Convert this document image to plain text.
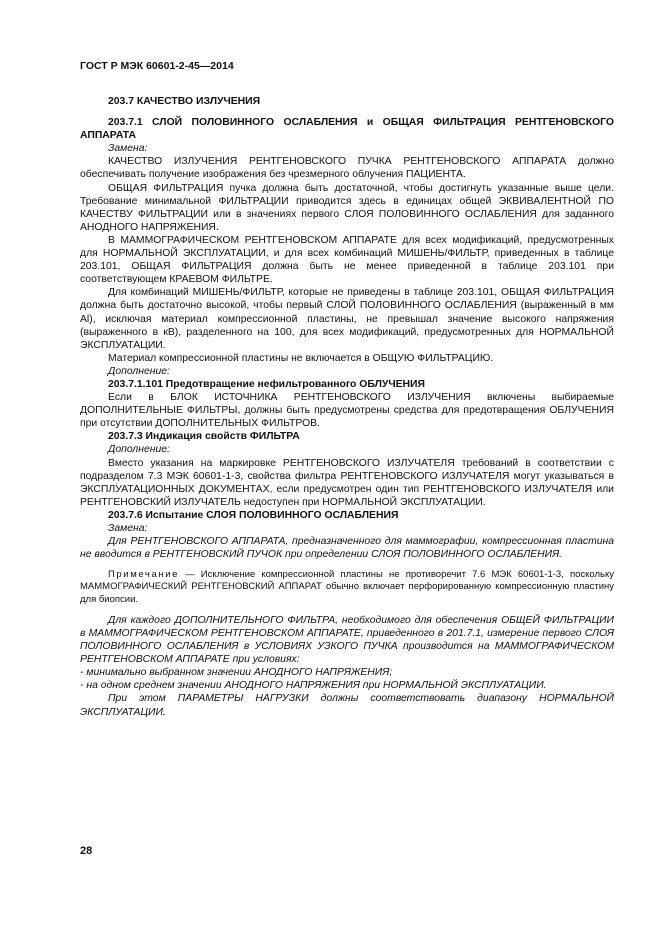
ГОСТ Р МЭК 60601-2-45—2014

203.7 КАЧЕСТВО ИЗЛУЧЕНИЯ

203.7.1 СЛОЙ ПОЛОВИННОГО ОСЛАБЛЕНИЯ и ОБЩАЯ ФИЛЬТРАЦИЯ РЕНТГЕНОВСКОГО АППАРАТА

Замена:

КАЧЕСТВО ИЗЛУЧЕНИЯ РЕНТГЕНОВСКОГО ПУЧКА РЕНТГЕНОВСКОГО АППАРАТА должно обеспечивать получение изображения без чрезмерного облучения ПАЦИЕНТА.

ОБЩАЯ ФИЛЬТРАЦИЯ пучка должна быть достаточной, чтобы достигнуть указанные выше цели. Требование минимальной ФИЛЬТРАЦИИ приводится здесь в единицах общей ЭКВИВАЛЕНТНОЙ ПО КАЧЕСТВУ ФИЛЬТРАЦИИ или в значениях первого СЛОЯ ПОЛОВИННОГО ОСЛАБЛЕНИЯ для заданного АНОДНОГО НАПРЯЖЕНИЯ.

В МАММОГРАФИЧЕСКОМ РЕНТГЕНОВСКОМ АППАРАТЕ для всех модификаций, предусмотренных для НОРМАЛЬНОЙ ЭКСПЛУАТАЦИИ, и для всех комбинаций МИШЕНЬ/ФИЛЬТР, приведенных в таблице 203.101, ОБЩАЯ ФИЛЬТРАЦИЯ должна быть не менее приведенной в таблице 203.101 при соответствующем КРАЕВОМ ФИЛЬТРЕ.

Для комбинаций МИШЕНЬ/ФИЛЬТР, которые не приведены в таблице 203.101, ОБЩАЯ ФИЛЬТРАЦИЯ должна быть достаточно высокой, чтобы первый СЛОЙ ПОЛОВИННОГО ОСЛАБЛЕНИЯ (выраженный в мм Al), исключая материал компрессионной пластины, не превышал значение высокого напряжения (выраженного в кВ), разделенного на 100, для всех модификаций, предусмотренных для НОРМАЛЬНОЙ ЭКСПЛУАТАЦИИ.

Материал компрессионной пластины не включается в ОБЩУЮ ФИЛЬТРАЦИЮ.

Дополнение:

203.7.1.101 Предотвращение нефильтрованного ОБЛУЧЕНИЯ

Если в БЛОК ИСТОЧНИКА РЕНТГЕНОВСКОГО ИЗЛУЧЕНИЯ включены выбираемые ДОПОЛНИТЕЛЬНЫЕ ФИЛЬТРЫ, должны быть предусмотрены средства для предотвращения ОБЛУЧЕНИЯ при отсутствии ДОПОЛНИТЕЛЬНЫХ ФИЛЬТРОВ.

203.7.3 Индикация свойств ФИЛЬТРА

Дополнение:

Вместо указания на маркировке РЕНТГЕНОВСКОГО ИЗЛУЧАТЕЛЯ требований в соответствии с подразделом 7.3 МЭК 60601-1-3, свойства фильтра РЕНТГЕНОВСКОГО ИЗЛУЧАТЕЛЯ могут указываться в ЭКСПЛУАТАЦИОННЫХ ДОКУМЕНТАХ, если предусмотрен один тип РЕНТГЕНОВСКОГО ИЗЛУЧАТЕЛЯ или РЕНТГЕНОВСКИЙ ИЗЛУЧАТЕЛЬ недоступен при НОРМАЛЬНОЙ ЭКСПЛУАТАЦИИ.

203.7.6 Испытание СЛОЯ ПОЛОВИННОГО ОСЛАБЛЕНИЯ

Замена:

Для РЕНТГЕНОВСКОГО АППАРАТА, предназначенного для маммографии, компрессионная пластина не вводится в РЕНТГЕНОВСКИЙ ПУЧОК при определении СЛОЯ ПОЛОВИННОГО ОСЛАБЛЕНИЯ.

Примечание — Исключение компрессионной пластины не противоречит 7.6 МЭК 60601-1-3, поскольку МАММОГРАФИЧЕСКИЙ РЕНТГЕНОВСКИЙ АППАРАТ обычно включает перфорированную компрессионную пластину для биопсии.

Для каждого ДОПОЛНИТЕЛЬНОГО ФИЛЬТРА, необходимого для обеспечения ОБЩЕЙ ФИЛЬТРАЦИИ в МАММОГРАФИЧЕСКОМ РЕНТГЕНОВСКОМ АППАРАТЕ, приведенного в 201.7.1, измерение первого СЛОЯ ПОЛОВИННОГО ОСЛАБЛЕНИЯ в УСЛОВИЯХ УЗКОГО ПУЧКА производится на МАММОГРАФИЧЕСКОМ РЕНТГЕНОВСКОМ АППАРАТЕ при условиях:

- минимально выбранном значении АНОДНОГО НАПРЯЖЕНИЯ;

- на одном среднем значении АНОДНОГО НАПРЯЖЕНИЯ при НОРМАЛЬНОЙ ЭКСПЛУАТАЦИИ.

При этом ПАРАМЕТРЫ НАГРУЗКИ должны соответствовать диапазону НОРМАЛЬНОЙ ЭКСПЛУАТАЦИИ.

28
